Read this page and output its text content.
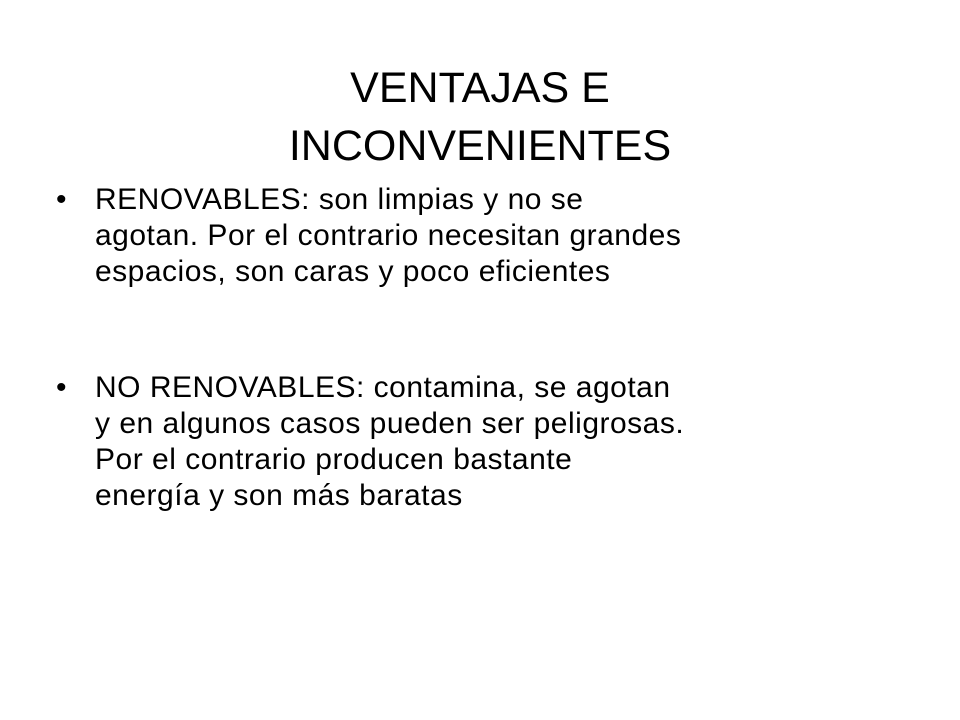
VENTAJAS E
INCONVENIENTES
• RENOVABLES: son limpias y no se
agotan. Por el contrario necesitan grandes
espacios, son caras y poco eficientes
• NO RENOVABLES: contamina, se agotan
y en algunos casos pueden ser peligrosas.
Por el contrario producen bastante
energía y son más baratas
